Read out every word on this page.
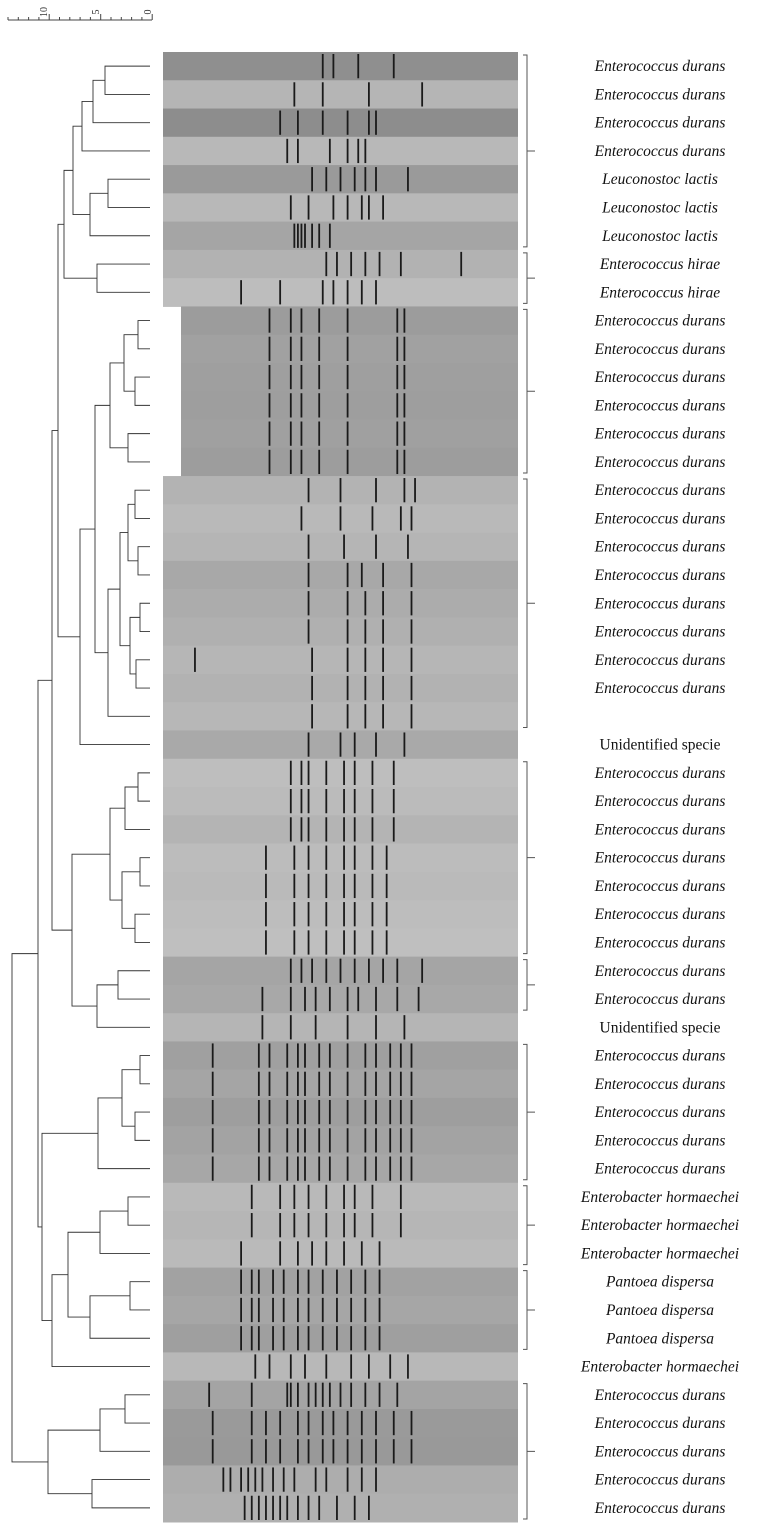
10	5	0
Enterococcus durans
Enterococcus durans
Enterococcus durans
Enterococcus durans
Leuconostoc lactis
Leuconostoc lactis
Leuconostoc lactis
Enterococcus hirae
Enterococcus hirae
Enterococcus durans
Enterococcus durans
Enterococcus durans
Enterococcus durans
Enterococcus durans
Enterococcus durans
Enterococcus durans
Enterococcus durans
Enterococcus durans
Enterococcus durans
Enterococcus durans
Enterococcus durans
Enterococcus durans
Enterococcus durans
Unidentified specie
Enterococcus durans
Enterococcus durans
Enterococcus durans
Enterococcus durans
Enterococcus durans
Enterococcus durans
Enterococcus durans
Enterococcus durans
Enterococcus durans
Unidentified specie
Enterococcus durans
Enterococcus durans
Enterococcus durans
Enterococcus durans
Enterococcus durans
Enterobacter hormaechei
Enterobacter hormaechei
Enterobacter hormaechei
Pantoea dispersa
Pantoea dispersa
Pantoea dispersa
Enterobacter hormaechei
Enterococcus durans
Enterococcus durans
Enterococcus durans
Enterococcus durans
Enterococcus durans
